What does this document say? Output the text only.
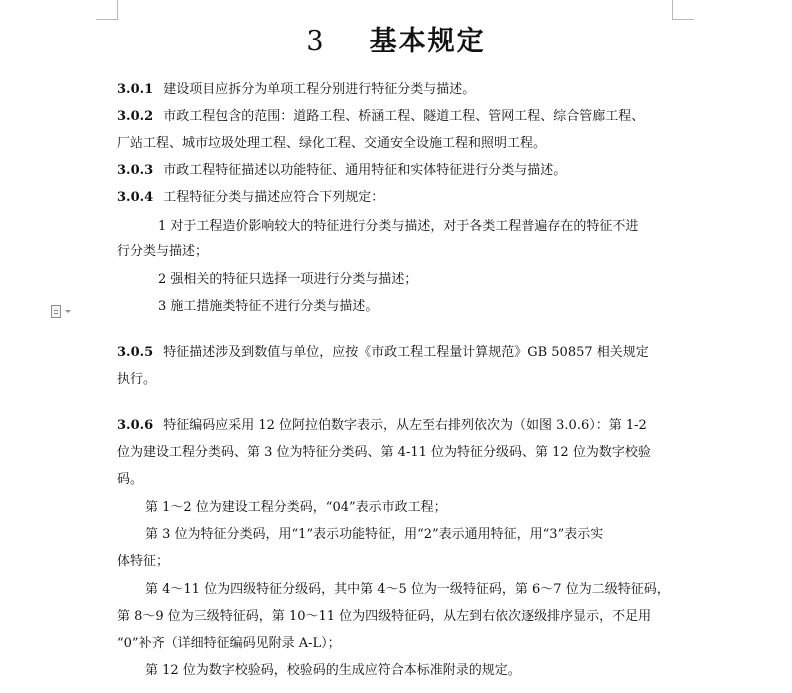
3 基本规定
3.0.1 建设项目应拆分为单项工程分别进行特征分类与描述。
3.0.2 市政工程包含的范围：道路工程、桥涵工程、隧道工程、管网工程、综合管廊工程、
厂站工程、城市垃圾处理工程、绿化工程、交通安全设施工程和照明工程。
3.0.3 市政工程特征描述以功能特征、通用特征和实体特征进行分类与描述。
3.0.4 工程特征分类与描述应符合下列规定：
1 对于工程造价影响较大的特征进行分类与描述，对于各类工程普遍存在的特征不进
行分类与描述；
2 强相关的特征只选择一项进行分类与描述；
3 施工措施类特征不进行分类与描述。
3.0.5 特征描述涉及到数值与单位，应按《市政工程工程量计算规范》GB 50857 相关规定
执行。
3.0.6 特征编码应采用 12 位阿拉伯数字表示，从左至右排列依次为（如图 3.0.6）：第 1-2
位为建设工程分类码、第 3 位为特征分类码、第 4-11 位为特征分级码、第 12 位为数字校验
码。
第 1～2 位为建设工程分类码，“04”表示市政工程；
第 3 位为特征分类码，用“1”表示功能特征，用“2”表示通用特征，用“3”表示实
体特征；
第 4～11 位为四级特征分级码，其中第 4～5 位为一级特征码，第 6～7 位为二级特征码，
第 8～9 位为三级特征码，第 10～11 位为四级特征码，从左到右依次逐级排序显示，不足用
“0”补齐（详细特征编码见附录 A-L）；
第 12 位为数字校验码，校验码的生成应符合本标准附录的规定。
